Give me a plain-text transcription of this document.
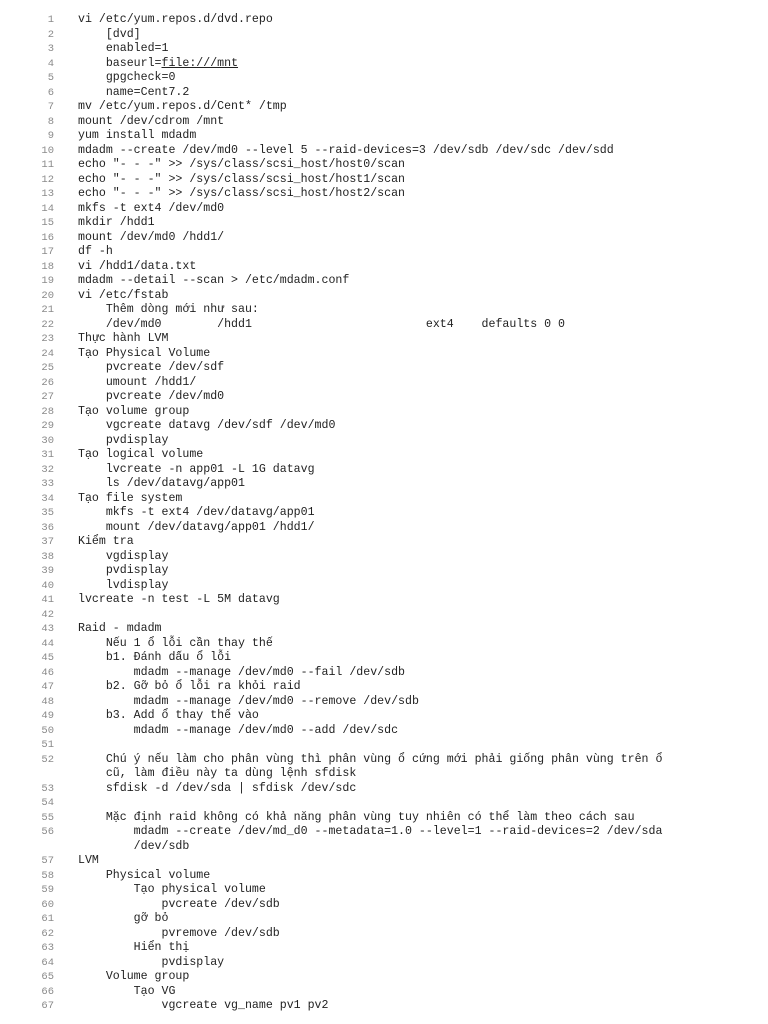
1 vi /etc/yum.repos.d/dvd.repo
2 [dvd]
3 enabled=1
4 baseurl=file:///mnt
5 gpgcheck=0
6 name=Cent7.2
7 mv /etc/yum.repos.d/Cent* /tmp
8 mount /dev/cdrom /mnt
9 yum install mdadm
10 mdadm --create /dev/md0 --level 5 --raid-devices=3 /dev/sdb /dev/sdc /dev/sdd
11 echo "- - -" >> /sys/class/scsi_host/host0/scan
12 echo "- - -" >> /sys/class/scsi_host/host1/scan
13 echo "- - -" >> /sys/class/scsi_host/host2/scan
14 mkfs -t ext4 /dev/md0
15 mkdir /hdd1
16 mount /dev/md0 /hdd1/
17 df -h
18 vi /hdd1/data.txt
19 mdadm --detail --scan > /etc/mdadm.conf
20 vi /etc/fstab
21 Thêm dòng mới như sau:
22 /dev/md0        /hdd1                         ext4    defaults 0 0
23 Thực hành LVM
24 Tạo Physical Volume
25 pvcreate /dev/sdf
26 umount /hdd1/
27 pvcreate /dev/md0
28 Tạo volume group
29 vgcreate datavg /dev/sdf /dev/md0
30 pvdisplay
31 Tạo logical volume
32 lvcreate -n app01 -L 1G datavg
33 ls /dev/datavg/app01
34 Tạo file system
35 mkfs -t ext4 /dev/datavg/app01
36 mount /dev/datavg/app01 /hdd1/
37 Kiểm tra
38 vgdisplay
39 pvdisplay
40 lvdisplay
41 lvcreate -n test -L 5M datavg
42
43 Raid - mdadm
44 Nếu 1 ổ lỗi cần thay thế
45 b1. Đánh dấu ổ lỗi
46 mdadm --manage /dev/md0 --fail /dev/sdb
47 b2. Gỡ bỏ ổ lỗi ra khỏi raid
48 mdadm --manage /dev/md0 --remove /dev/sdb
49 b3. Add ổ thay thế vào
50 mdadm --manage /dev/md0 --add /dev/sdc
51
52 Chú ý nếu làm cho phân vùng thì phân vùng ổ cứng mới phải giống phân vùng trên ổ
cũ, làm điều này ta dùng lệnh sfdisk
53 sfdisk -d /dev/sda | sfdisk /dev/sdc
54
55 Mặc định raid không có khả năng phân vùng tuy nhiên có thể làm theo cách sau
56 mdadm --create /dev/md_d0 --metadata=1.0 --level=1 --raid-devices=2 /dev/sda
/dev/sdb
57 LVM
58 Physical volume
59 Tạo physical volume
60 pvcreate /dev/sdb
61 gỡ bỏ
62 pvremove /dev/sdb
63 Hiển thị
64 pvdisplay
65 Volume group
66 Tạo VG
67 vgcreate vg_name pv1 pv2
